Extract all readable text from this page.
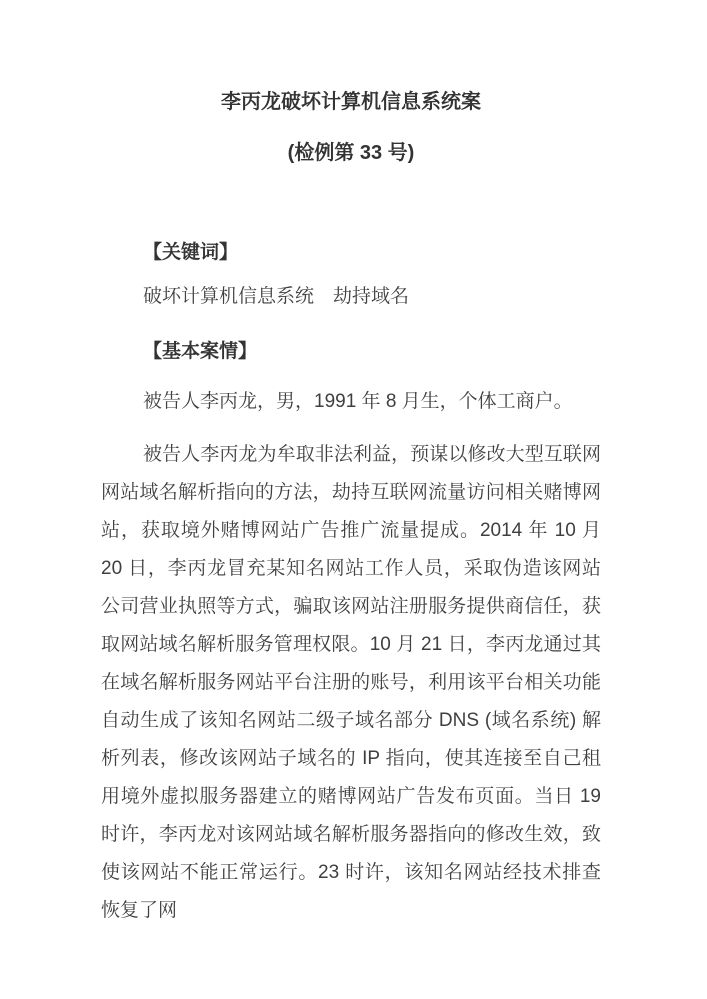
李丙龙破坏计算机信息系统案
(检例第 33 号)
【关键词】

破坏计算机信息系统　劫持域名

【基本案情】

被告人李丙龙，男，1991 年 8 月生，个体工商户。

被告人李丙龙为牟取非法利益，预谋以修改大型互联网网站域名解析指向的方法，劫持互联网流量访问相关赌博网站，获取境外赌博网站广告推广流量提成。2014 年 10 月 20 日，李丙龙冒充某知名网站工作人员，采取伪造该网站公司营业执照等方式，骗取该网站注册服务提供商信任，获取网站域名解析服务管理权限。10 月 21 日，李丙龙通过其在域名解析服务网站平台注册的账号，利用该平台相关功能自动生成了该知名网站二级子域名部分 DNS (域名系统) 解析列表，修改该网站子域名的 IP 指向，使其连接至自己租用境外虚拟服务器建立的赌博网站广告发布页面。当日 19 时许，李丙龙对该网站域名解析服务器指向的修改生效，致使该网站不能正常运行。23 时许，该知名网站经技术排查恢复了网
